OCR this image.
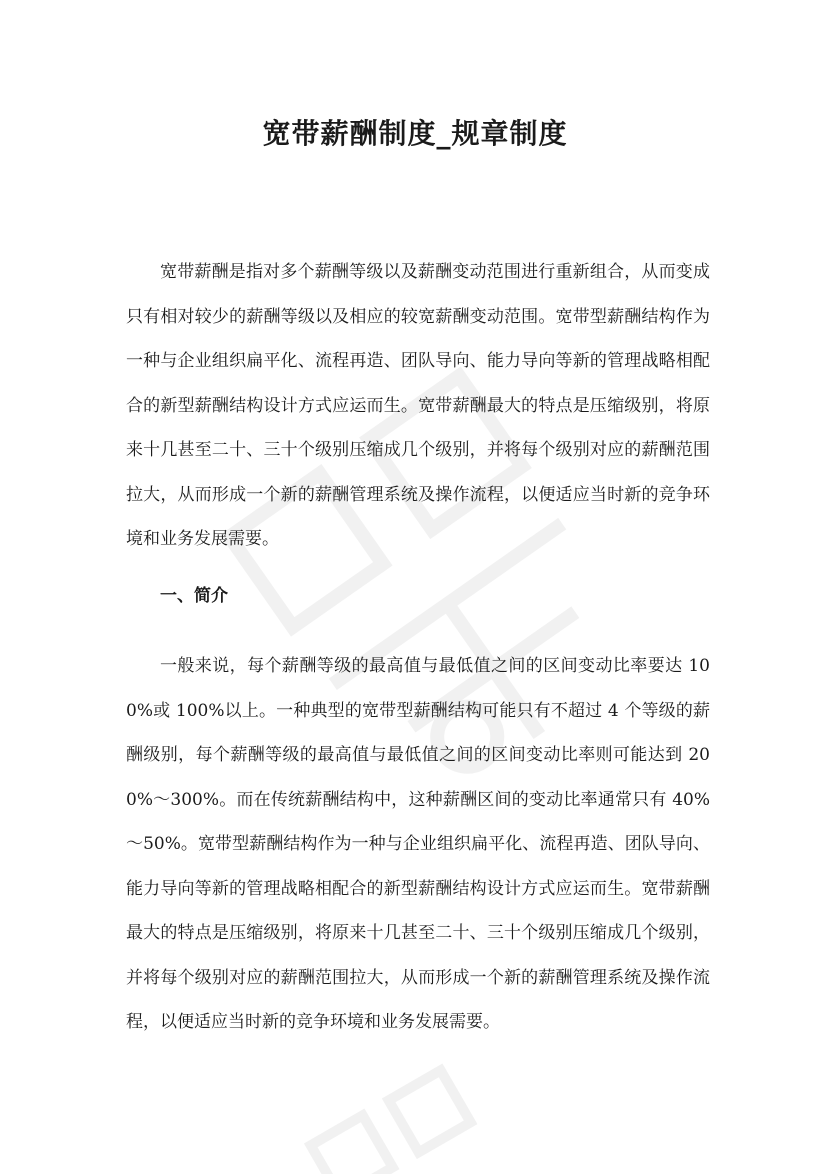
宽带薪酬制度_规章制度

宽带薪酬是指对多个薪酬等级以及薪酬变动范围进行重新组合，从而变成只有相对较少的薪酬等级以及相应的较宽薪酬变动范围。宽带型薪酬结构作为一种与企业组织扁平化、流程再造、团队导向、能力导向等新的管理战略相配合的新型薪酬结构设计方式应运而生。宽带薪酬最大的特点是压缩级别，将原来十几甚至二十、三十个级别压缩成几个级别，并将每个级别对应的薪酬范围拉大，从而形成一个新的薪酬管理系统及操作流程，以便适应当时新的竞争环境和业务发展需要。

一、简介

一般来说，每个薪酬等级的最高值与最低值之间的区间变动比率要达 100%或 100%以上。一种典型的宽带型薪酬结构可能只有不超过 4 个等级的薪酬级别，每个薪酬等级的最高值与最低值之间的区间变动比率则可能达到 200%～300%。而在传统薪酬结构中，这种薪酬区间的变动比率通常只有 40%～50%。宽带型薪酬结构作为一种与企业组织扁平化、流程再造、团队导向、能力导向等新的管理战略相配合的新型薪酬结构设计方式应运而生。宽带薪酬最大的特点是压缩级别，将原来十几甚至二十、三十个级别压缩成几个级别，并将每个级别对应的薪酬范围拉大，从而形成一个新的薪酬管理系统及操作流程，以便适应当时新的竞争环境和业务发展需要。
